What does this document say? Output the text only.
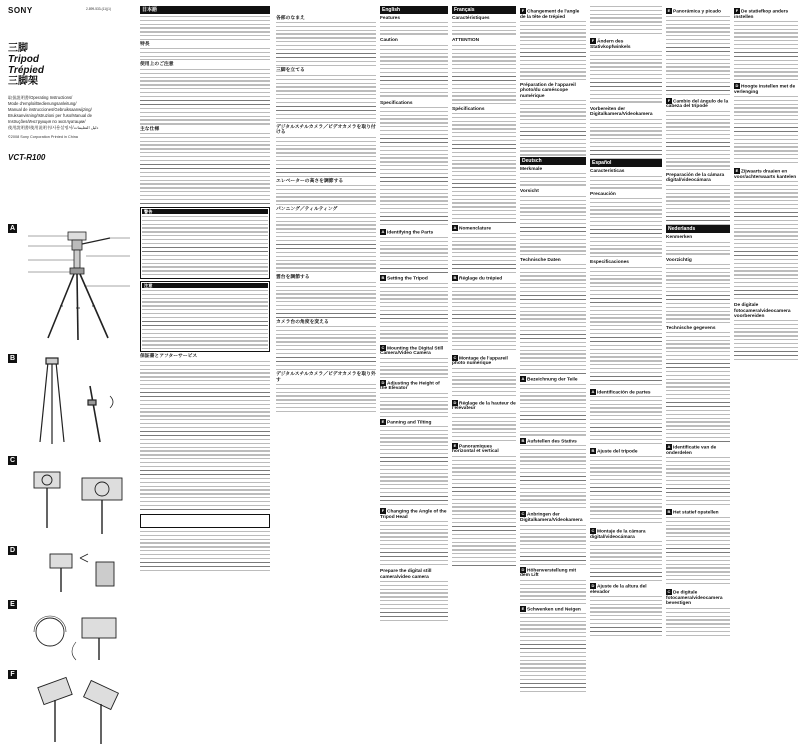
SONY	2-899-533-(11)(1)
三脚
Tripod
Trépied
三脚架
取扱説明書/Operating Instructions/
Mode d'emploi/Bedienungsanleitung/
Manual de instrucciones/Gebruiksaanwijzing/
Bruksanvisning/Istruzioni per l'uso/Manual de
Instruções/Инструкция по эксплуатации/
使用說明書/使用说明书/사용설명서/دليل التعليمات
©2008 Sony Corporation Printed in China
VCT-R100
A
B
C
D
E
F
日本語
特長
使用上のご注意
主な仕様
警告
注意
保証書とアフターサービス
各部のなまえ
三脚を立てる
デジタルスチルカメラ／ビデオカメラを取り付ける
エレベーターの高さを調節する
パンニング／ティルティング
雲台を調節する
カメラ台の角度を変える
デジタルスチルカメラ／ビデオカメラを取り外す
English
Features
Caution
Specifications
A Identifying the Parts
B Setting the Tripod
C Mounting the Digital Still Camera/Video Camera
D Adjusting the Height of the Elevator
E Panning and Tilting
F Changing the Angle of the Tripod Head
Prepare the digital still camera/video camera
Français
Caractéristiques
ATTENTION
Spécifications
A Nomenclature
B Réglage du trépied
C Montage de l'appareil photo numérique
D Réglage de la hauteur de l'élévateur
E Panoramiques horizontal et vertical
F Changement de l'angle de la tête de trépied
Préparation de l'appareil photo/du caméscope numérique
Deutsch
Merkmale
Vorsicht
Technische Daten
A Bezeichnung der Teile
B Aufstellen des Stativs
C Anbringen der Digitalkamera/Videokamera
D Höhenverstellung mit dem Lift
E Schwenken und Neigen
F Ändern des Stativkopfwinkels
Vorbereiten der Digitalkamera/Videokamera
Español
Características
Precaución
Especificaciones
A Identificación de partes
B Ajuste del trípode
C Montaje de la cámara digital/videocámara
D Ajuste de la altura del elevador
E Panorámica y picado
F Cambio del ángulo de la cabeza del trípode
Preparación de la cámara digital/videocámara
Nederlands
Kenmerken
Voorzichtig
Technische gegevens
A Identificatie van de onderdelen
B Het statief opstellen
C De digitale fotocamera/videocamera bevestigen
F De statiefkop anders instellen
D Hoogte instellen met de verlenging
E Zijwaarts draaien en voor/achterwaarts kantelen
De digitale fotocamera/videocamera voorbereiden
